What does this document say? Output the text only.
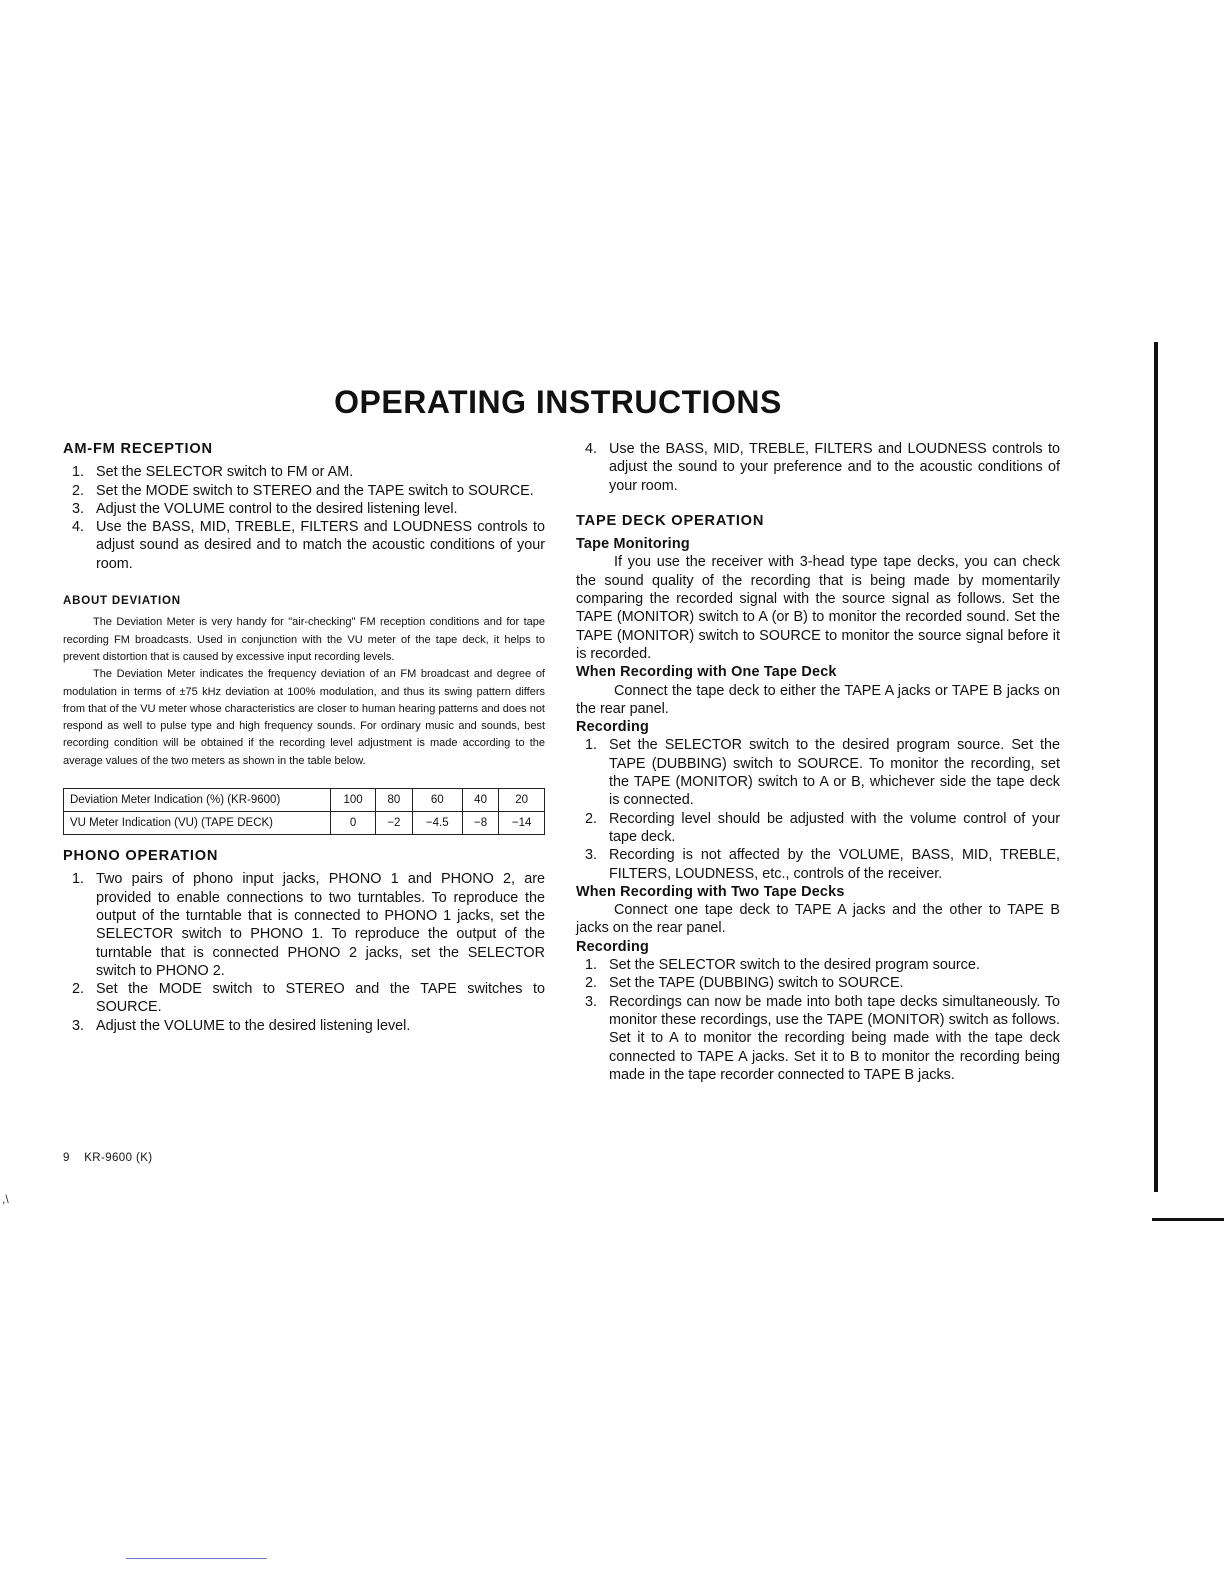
OPERATING INSTRUCTIONS
AM-FM RECEPTION
1. Set the SELECTOR switch to FM or AM.
2. Set the MODE switch to STEREO and the TAPE switch to SOURCE.
3. Adjust the VOLUME control to the desired listening level.
4. Use the BASS, MID, TREBLE, FILTERS and LOUDNESS controls to adjust sound as desired and to match the acoustic conditions of your room.
ABOUT DEVIATION

The Deviation Meter is very handy for "air-checking" FM reception conditions and for tape recording FM broadcasts. Used in conjunction with the VU meter of the tape deck, it helps to prevent distortion that is caused by excessive input recording levels.

The Deviation Meter indicates the frequency deviation of an FM broadcast and degree of modulation in terms of ±75 kHz deviation at 100% modulation, and thus its swing pattern differs from that of the VU meter whose characteristics are closer to human hearing patterns and does not respond as well to pulse type and high frequency sounds. For ordinary music and sounds, best recording condition will be obtained if the recording level adjustment is made according to the average values of the two meters as shown in the table below.

Deviation Meter Indication (%) (KR-9600)	100	80	60	40	20
VU Meter Indication (VU) (TAPE DECK)	0	−2	−4.5	−8	−14
PHONO OPERATION
1. Two pairs of phono input jacks, PHONO 1 and PHONO 2, are provided to enable connections to two turntables. To reproduce the output of the turntable that is connected to PHONO 1 jacks, set the SELECTOR switch to PHONO 1. To reproduce the output of the turntable that is connected PHONO 2 jacks, set the SELECTOR switch to PHONO 2.
2. Set the MODE switch to STEREO and the TAPE switches to SOURCE.
3. Adjust the VOLUME to the desired listening level.
4. Use the BASS, MID, TREBLE, FILTERS and LOUDNESS controls to adjust the sound to your preference and to the acoustic conditions of your room.
TAPE DECK OPERATION
Tape Monitoring

If you use the receiver with 3-head type tape decks, you can check the sound quality of the recording that is being made by momentarily comparing the recorded signal with the source signal as follows. Set the TAPE (MONITOR) switch to A (or B) to monitor the recorded sound. Set the TAPE (MONITOR) switch to SOURCE to monitor the source signal before it is recorded.

When Recording with One Tape Deck

Connect the tape deck to either the TAPE A jacks or TAPE B jacks on the rear panel.

Recording
1. Set the SELECTOR switch to the desired program source. Set the TAPE (DUBBING) switch to SOURCE. To monitor the recording, set the TAPE (MONITOR) switch to A or B, whichever side the tape deck is connected.
2. Recording level should be adjusted with the volume control of your tape deck.
3. Recording is not affected by the VOLUME, BASS, MID, TREBLE, FILTERS, LOUDNESS, etc., controls of the receiver.
When Recording with Two Tape Decks

Connect one tape deck to TAPE A jacks and the other to TAPE B jacks on the rear panel.

Recording
1. Set the SELECTOR switch to the desired program source.
2. Set the TAPE (DUBBING) switch to SOURCE.
3. Recordings can now be made into both tape decks simultaneously. To monitor these recordings, use the TAPE (MONITOR) switch as follows. Set it to A to monitor the recording being made with the tape deck connected to TAPE A jacks. Set it to B to monitor the recording being made in the tape recorder connected to TAPE B jacks.
9 KR-9600 (K)
,\
